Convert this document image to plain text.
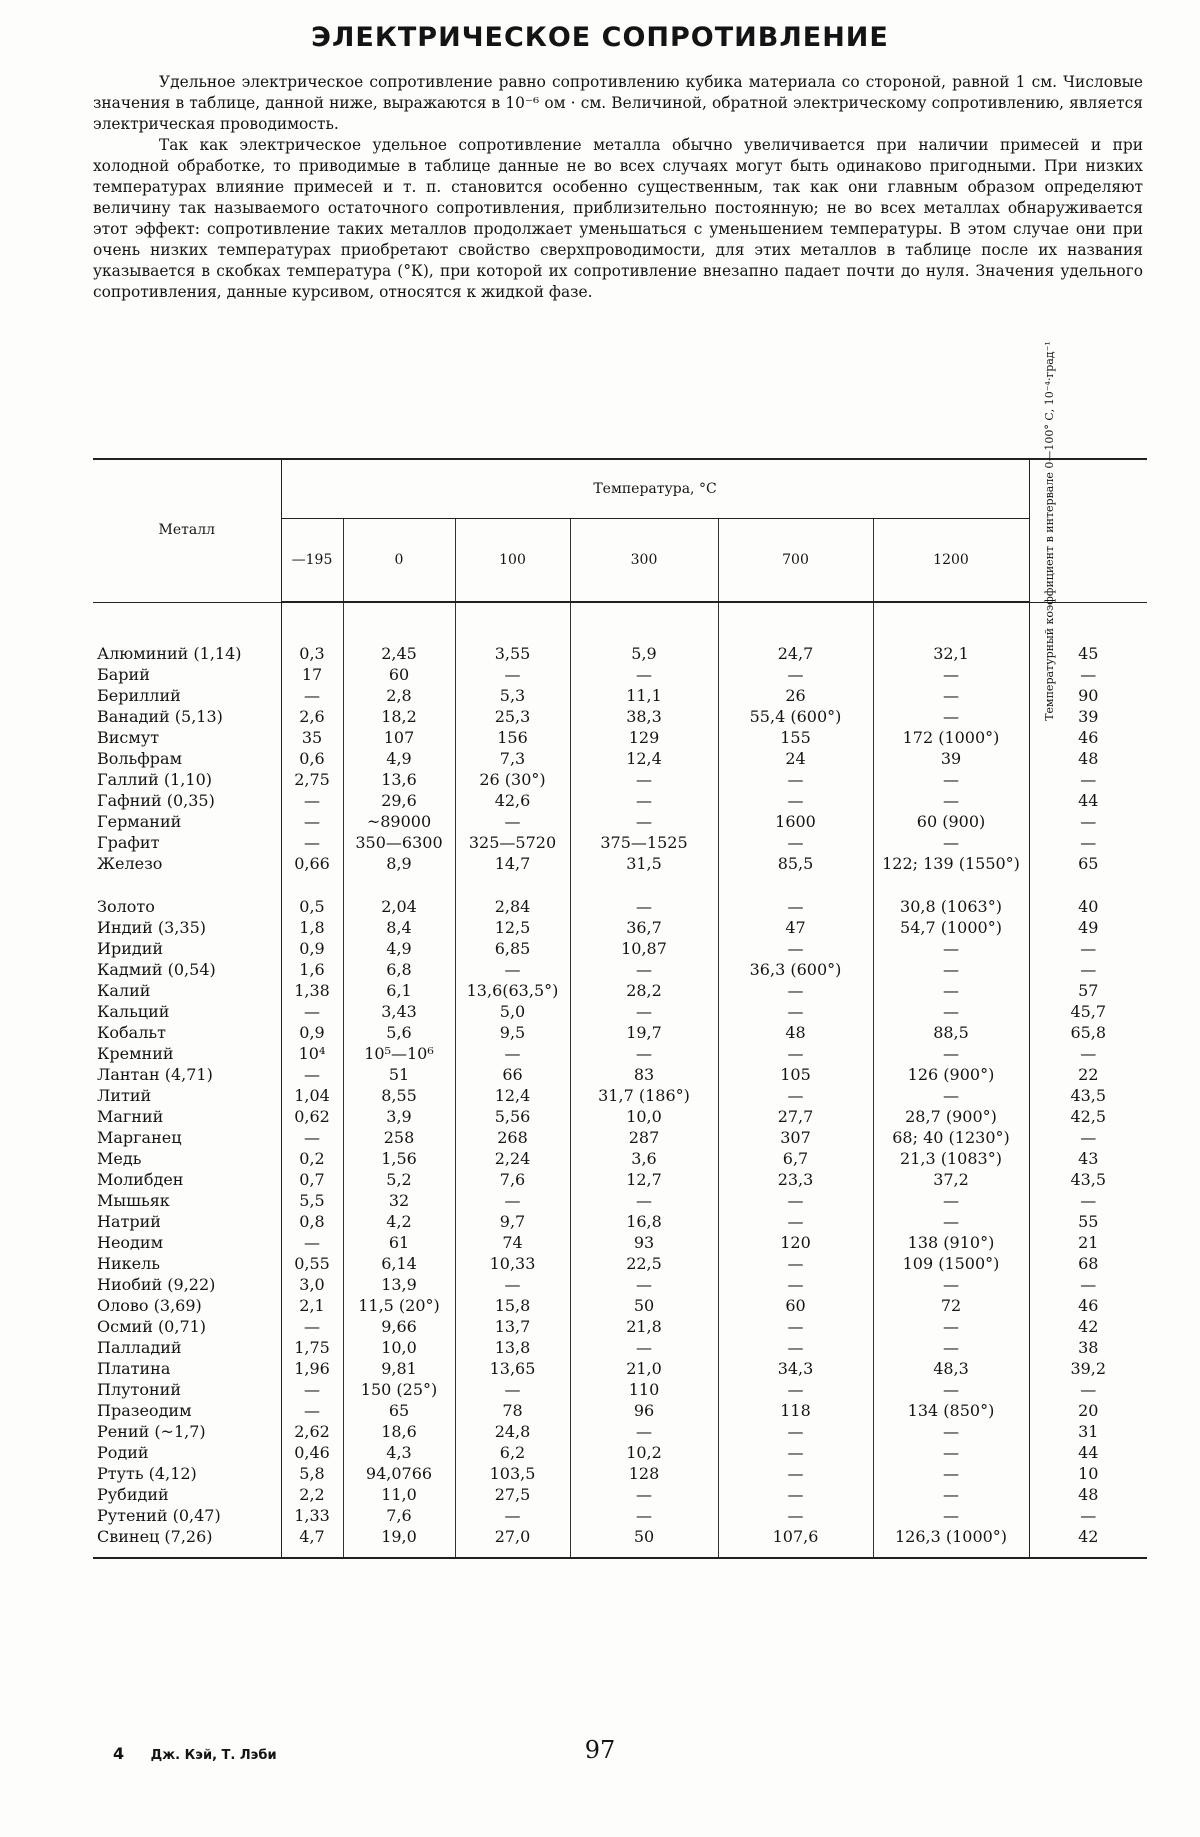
ЭЛЕКТРИЧЕСКОЕ СОПРОТИВЛЕНИЕ

Удельное электрическое сопротивление равно сопротивлению кубика материала со стороной, равной 1 см. Числовые значения в таблице, данной ниже, выражаются в 10⁻⁶ ом · см. Величиной, обратной электрическому сопротивлению, является электрическая проводимость.

Так как электрическое удельное сопротивление металла обычно увеличивается при наличии примесей и при холодной обработке, то приводимые в таблице данные не во всех случаях могут быть одинаково пригодными. При низких температурах влияние примесей и т. п. становится особенно существенным, так как они главным образом определяют величину так называемого остаточного сопротивления, приблизительно постоянную; не во всех металлах обнаруживается этот эффект: сопротивление таких металлов продолжает уменьшаться с уменьшением температуры. В этом случае они при очень низких температурах приобретают свойство сверхпроводимости, для этих металлов в таблице после их названия указывается в скобках температура (°К), при которой их сопротивление внезапно падает почти до нуля. Значения удельного сопротивления, данные курсивом, относятся к жидкой фазе.

Металл	Температура, °С						Температурный коэффициент в интервале 0—100° С, 10⁻⁴·град⁻¹

	—195	0	100	300	700	1200	
Алюминий (1,14)	0,3	2,45	3,55	5,9	24,7	32,1	45
Барий	17	60	—	—	—	—	—
Бериллий	—	2,8	5,3	11,1	26	—	90
Ванадий (5,13)	2,6	18,2	25,3	38,3	55,4 (600°)	—	39
Висмут	35	107	156	129	155	172 (1000°)	46
Вольфрам	0,6	4,9	7,3	12,4	24	39	48
Галлий (1,10)	2,75	13,6	26 (30°)	—	—	—	—
Гафний (0,35)	—	29,6	42,6	—	—	—	44
Германий	—	~89000	—	—	1600	60 (900)	—
Графит	—	350—6300	325—5720	375—1525	—	—	—
Железо	0,66	8,9	14,7	31,5	85,5	122; 139 (1550°)	65

Золото	0,5	2,04	2,84	—	—	30,8 (1063°)	40
Индий (3,35)	1,8	8,4	12,5	36,7	47	54,7 (1000°)	49
Иридий	0,9	4,9	6,85	10,87	—	—	—
Кадмий (0,54)	1,6	6,8	—	—	36,3 (600°)	—	—
Калий	1,38	6,1	13,6(63,5°)	28,2	—	—	57
Кальций	—	3,43	5,0	—	—	—	45,7
Кобальт	0,9	5,6	9,5	19,7	48	88,5	65,8
Кремний	10⁴	10⁵—10⁶	—	—	—	—	—
Лантан (4,71)	—	51	66	83	105	126 (900°)	22
Литий	1,04	8,55	12,4	31,7 (186°)	—	—	43,5
Магний	0,62	3,9	5,56	10,0	27,7	28,7 (900°)	42,5
Марганец	—	258	268	287	307	68; 40 (1230°)	—
Медь	0,2	1,56	2,24	3,6	6,7	21,3 (1083°)	43
Молибден	0,7	5,2	7,6	12,7	23,3	37,2	43,5
Мышьяк	5,5	32	—	—	—	—	—
Натрий	0,8	4,2	9,7	16,8	—	—	55
Неодим	—	61	74	93	120	138 (910°)	21
Никель	0,55	6,14	10,33	22,5	—	109 (1500°)	68
Ниобий (9,22)	3,0	13,9	—	—	—	—	—
Олово (3,69)	2,1	11,5 (20°)	15,8	50	60	72	46
Осмий (0,71)	—	9,66	13,7	21,8	—	—	42
Палладий	1,75	10,0	13,8	—	—	—	38
Платина	1,96	9,81	13,65	21,0	34,3	48,3	39,2
Плутоний	—	150 (25°)	—	110	—	—	—
Празеодим	—	65	78	96	118	134 (850°)	20
Рений (~1,7)	2,62	18,6	24,8	—	—	—	31
Родий	0,46	4,3	6,2	10,2	—	—	44
Ртуть (4,12)	5,8	94,0766	103,5	128	—	—	10
Рубидий	2,2	11,0	27,5	—	—	—	48
Рутений (0,47)	1,33	7,6	—	—	—	—	—
Свинец (7,26)	4,7	19,0	27,0	50	107,6	126,3 (1000°)	42

4 Дж. Кэй, Т. Лэби	97
